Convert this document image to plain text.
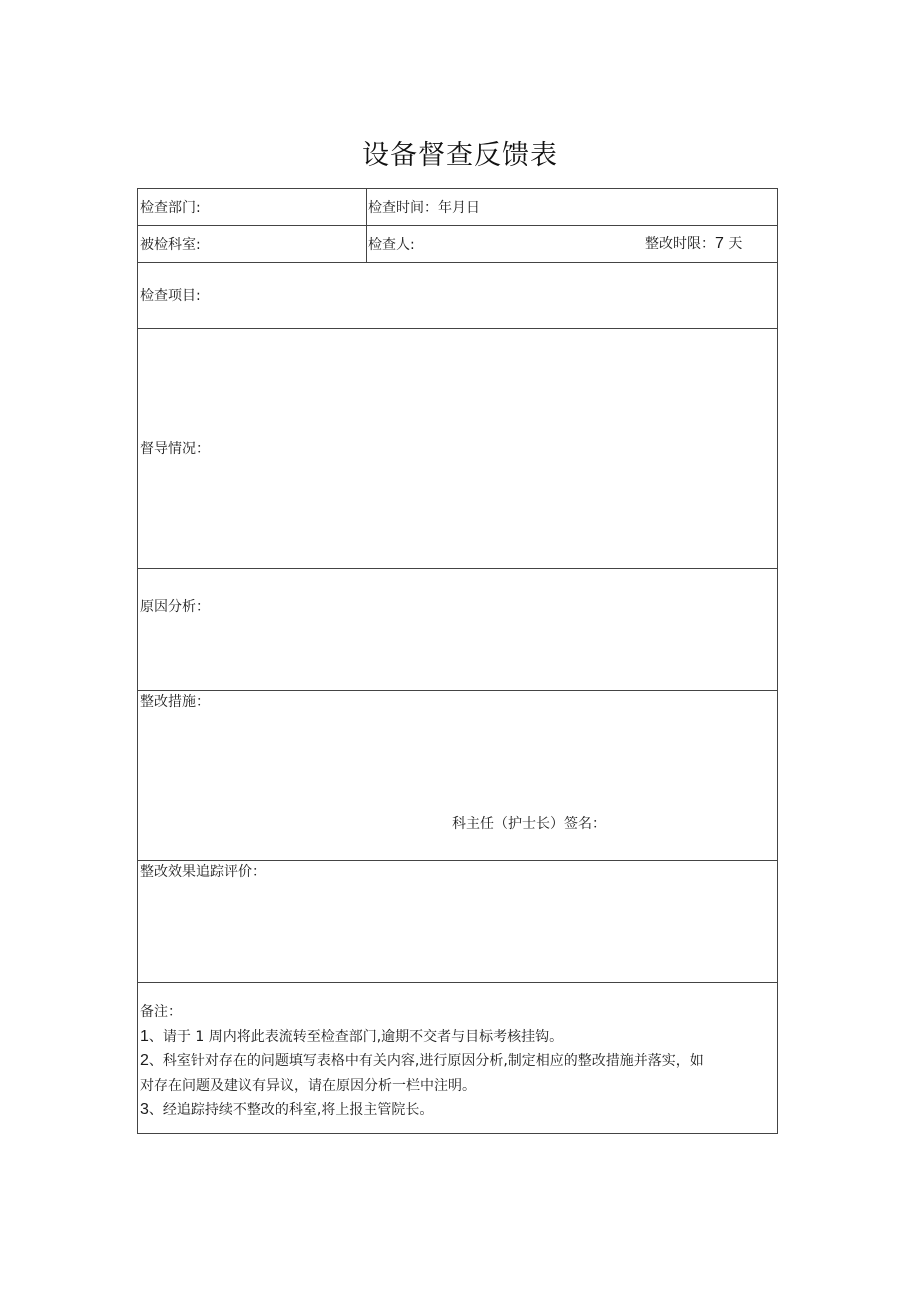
设备督查反馈表
检查部门:	检查时间：年月日
被检科室:	检查人:	整改时限：7 天
检查项目:
督导情况：
原因分析：
整改措施：
科主任（护士长）签名：
整改效果追踪评价：
备注：
1、请于 1 周内将此表流转至检查部门,逾期不交者与目标考核挂钩。
2、科室针对存在的问题填写表格中有关内容,进行原因分析,制定相应的整改措施并落实，如
对存在问题及建议有异议，请在原因分析一栏中注明。
3、经追踪持续不整改的科室,将上报主管院长。
